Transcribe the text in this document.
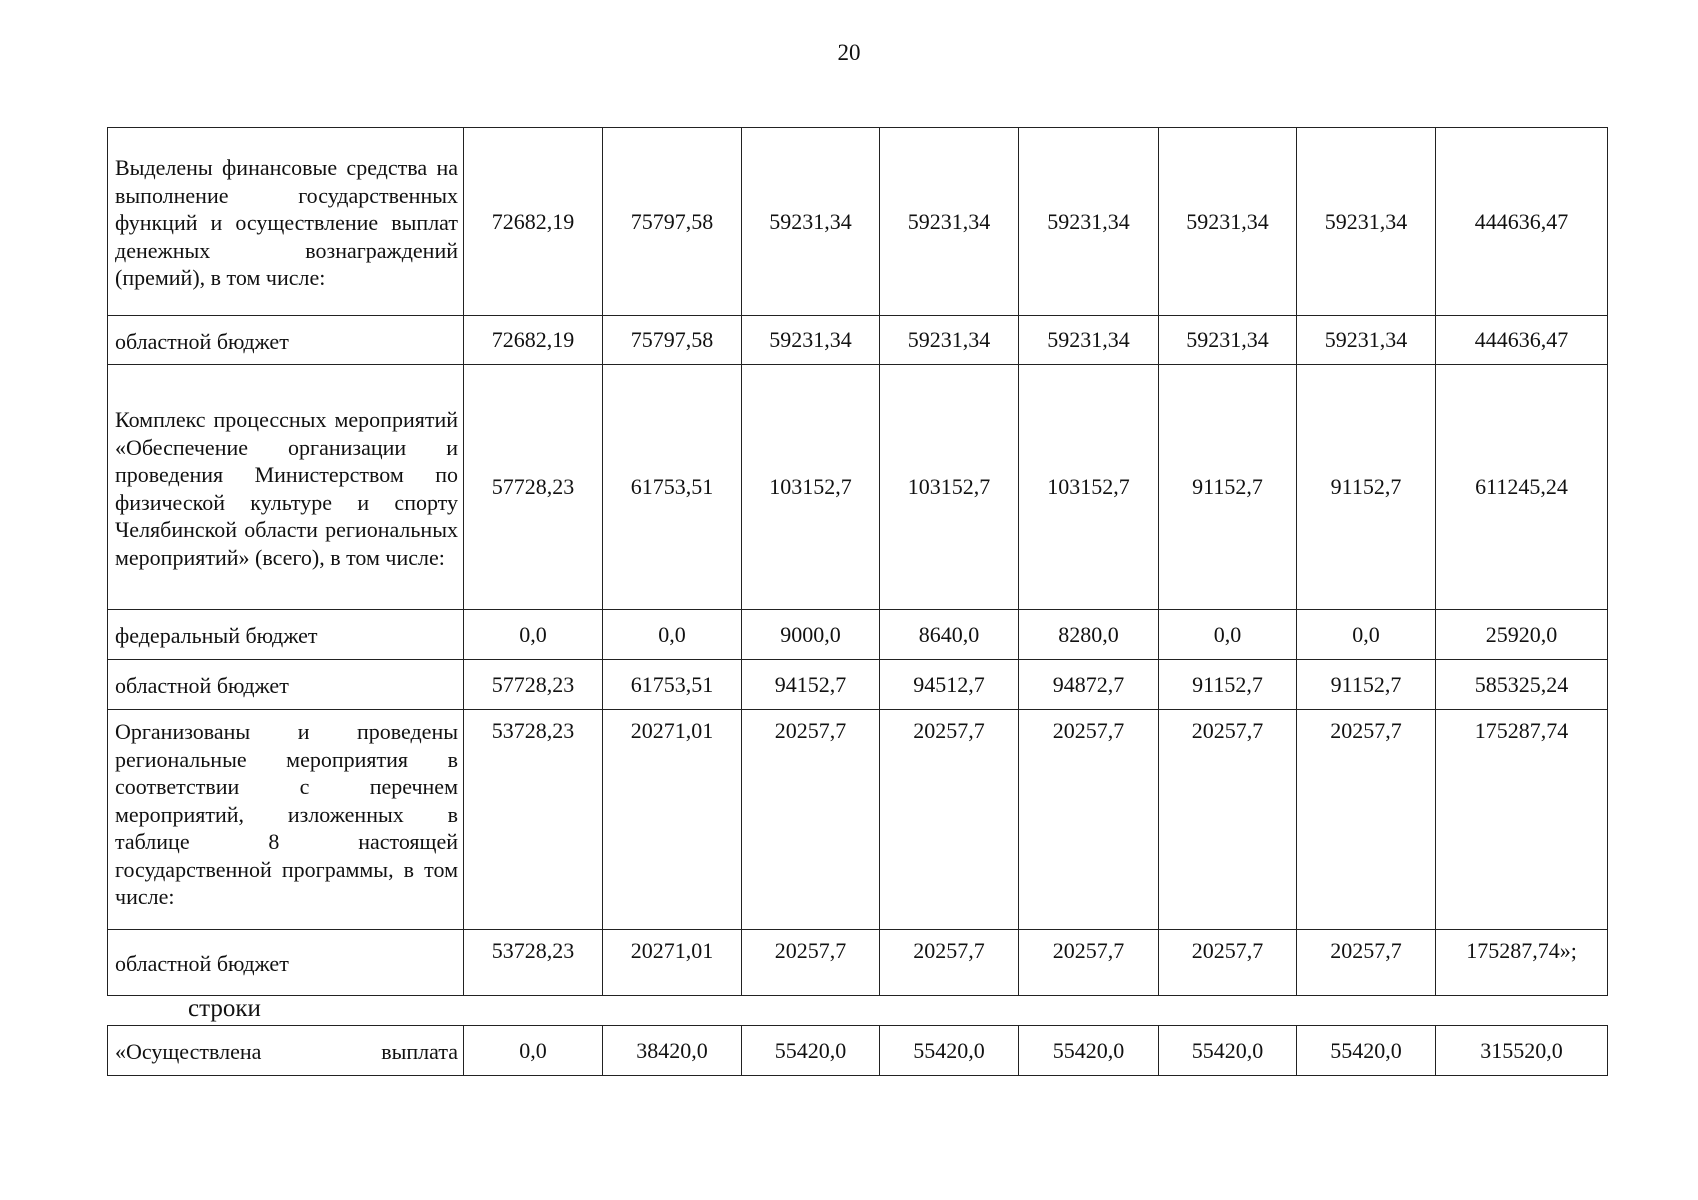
20
Выделены финансовые средства на выполнение государственных функций и осуществление выплат денежных вознаграждений (премий), в том числе:	72682,19	75797,58	59231,34	59231,34	59231,34	59231,34	59231,34	444636,47
областной бюджет	72682,19	75797,58	59231,34	59231,34	59231,34	59231,34	59231,34	444636,47
Комплекс процессных мероприятий «Обеспечение организации и проведения Министерством по физической культуре и спорту Челябинской области региональных мероприятий» (всего), в том числе:	57728,23	61753,51	103152,7	103152,7	103152,7	91152,7	91152,7	611245,24
федеральный бюджет	0,0	0,0	9000,0	8640,0	8280,0	0,0	0,0	25920,0
областной бюджет	57728,23	61753,51	94152,7	94512,7	94872,7	91152,7	91152,7	585325,24
Организованы и проведены региональные мероприятия в соответствии с перечнем мероприятий, изложенных в таблице 8 настоящей государственной программы, в том числе:	53728,23	20271,01	20257,7	20257,7	20257,7	20257,7	20257,7	175287,74
областной бюджет	53728,23	20271,01	20257,7	20257,7	20257,7	20257,7	20257,7	175287,74»;
строки
«Осуществлена выплата	0,0	38420,0	55420,0	55420,0	55420,0	55420,0	55420,0	315520,0
